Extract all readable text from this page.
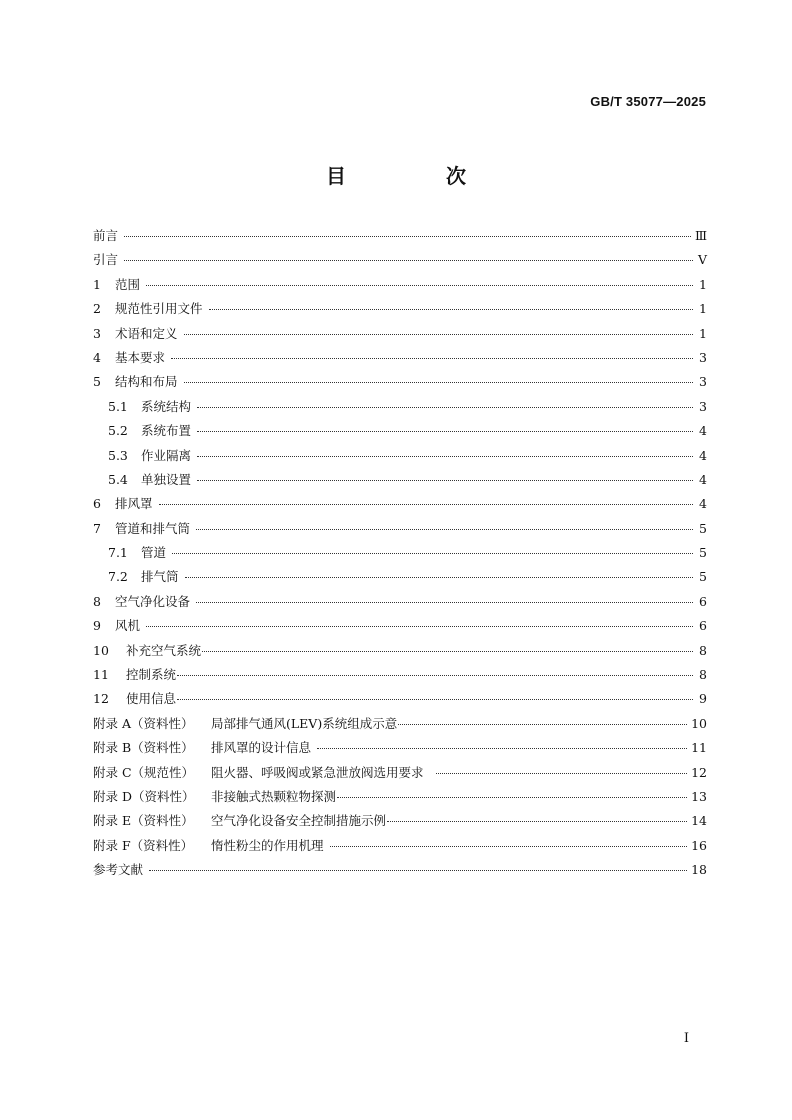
GB/T 35077—2025
目　次
前言	Ⅲ
引言	Ⅴ
1	范围	1
2	规范性引用文件	1
3	术语和定义	1
4	基本要求	3
5	结构和布局	3
5.1	系统结构	3
5.2	系统布置	4
5.3	作业隔离	4
5.4	单独设置	4
6	排风罩	4
7	管道和排气筒	5
7.1	管道	5
7.2	排气筒	5
8	空气净化设备	6
9	风机	6
10	补充空气系统	8
11	控制系统	8
12	使用信息	9
附录 A（资料性）	局部排气通风(LEV)系统组成示意	10
附录 B（资料性）	排风罩的设计信息	11
附录 C（规范性）	阻火器、呼吸阀或紧急泄放阀选用要求	12
附录 D（资料性）	非接触式热颗粒物探测	13
附录 E（资料性）	空气净化设备安全控制措施示例	14
附录 F（资料性）	惰性粉尘的作用机理	16
参考文献	18
I
